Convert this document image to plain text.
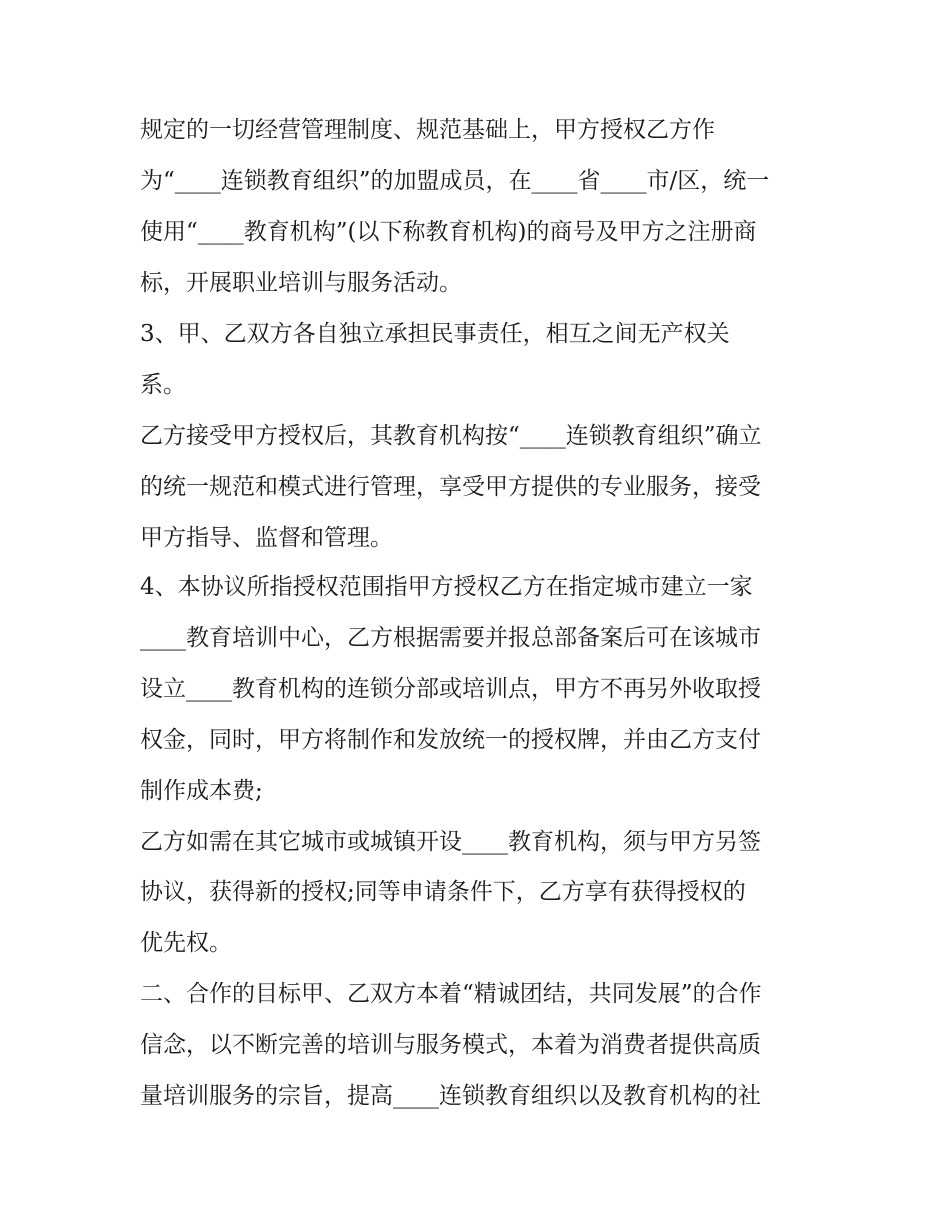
规定的一切经营管理制度、规范基础上，甲方授权乙方作

为“____连锁教育组织”的加盟成员，在____省____市/区，统一

使用“____教育机构”(以下称教育机构)的商号及甲方之注册商

标，开展职业培训与服务活动。

3、甲、乙双方各自独立承担民事责任，相互之间无产权关

系。

乙方接受甲方授权后，其教育机构按“____连锁教育组织”确立

的统一规范和模式进行管理，享受甲方提供的专业服务，接受

甲方指导、监督和管理。

4、本协议所指授权范围指甲方授权乙方在指定城市建立一家

____教育培训中心，乙方根据需要并报总部备案后可在该城市

设立____教育机构的连锁分部或培训点，甲方不再另外收取授

权金，同时，甲方将制作和发放统一的授权牌，并由乙方支付

制作成本费;

乙方如需在其它城市或城镇开设____教育机构，须与甲方另签

协议，获得新的授权;同等申请条件下，乙方享有获得授权的

优先权。

二、合作的目标甲、乙双方本着“精诚团结，共同发展”的合作

信念，以不断完善的培训与服务模式，本着为消费者提供高质

量培训服务的宗旨，提高____连锁教育组织以及教育机构的社
